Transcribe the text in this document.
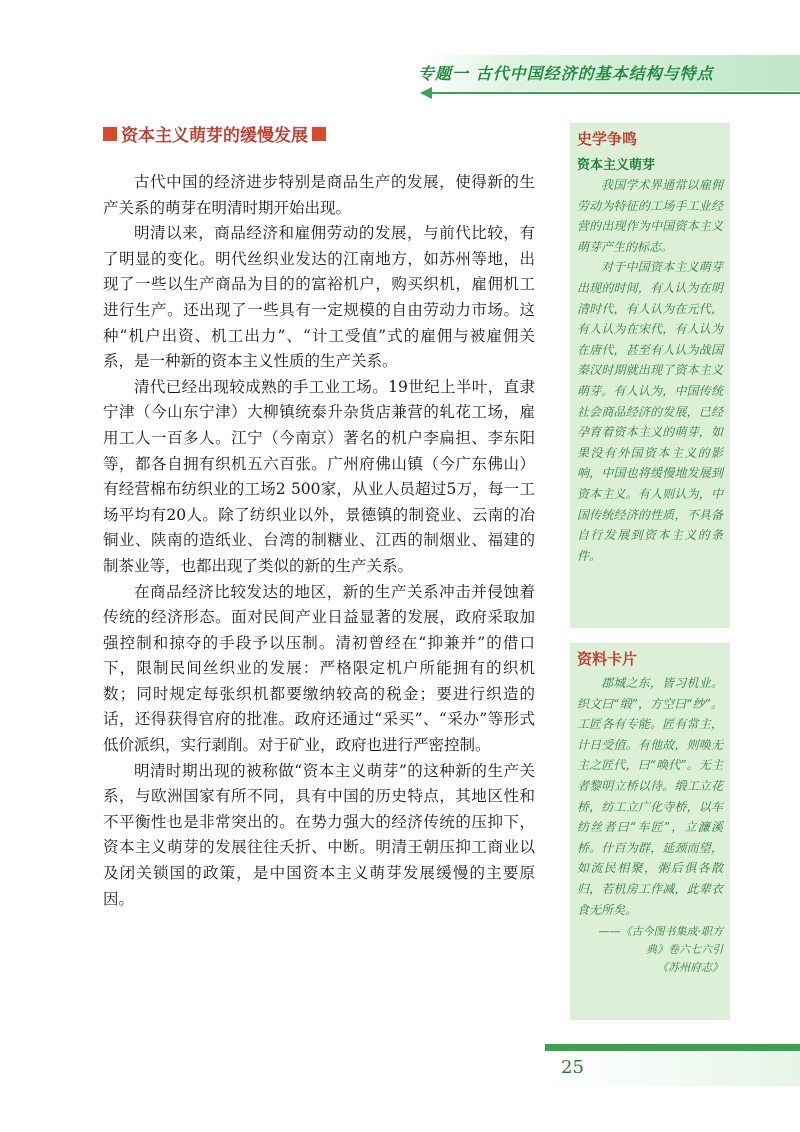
专题一 古代中国经济的基本结构与特点
资本主义萌芽的缓慢发展

古代中国的经济进步特别是商品生产的发展，使得新的生产关系的萌芽在明清时期开始出现。

明清以来，商品经济和雇佣劳动的发展，与前代比较，有了明显的变化。明代丝织业发达的江南地方，如苏州等地，出现了一些以生产商品为目的的富裕机户，购买织机，雇佣机工进行生产。还出现了一些具有一定规模的自由劳动力市场。这种“机户出资、机工出力”、“计工受值”式的雇佣与被雇佣关系，是一种新的资本主义性质的生产关系。

清代已经出现较成熟的手工业工场。19世纪上半叶，直隶宁津（今山东宁津）大柳镇统泰升杂货店兼营的轧花工场，雇用工人一百多人。江宁（今南京）著名的机户李扁担、李东阳等，都各自拥有织机五六百张。广州府佛山镇（今广东佛山）有经营棉布纺织业的工场2 500家，从业人员超过5万，每一工场平均有20人。除了纺织业以外，景德镇的制瓷业、云南的冶铜业、陕南的造纸业、台湾的制糖业、江西的制烟业、福建的制茶业等，也都出现了类似的新的生产关系。

在商品经济比较发达的地区，新的生产关系冲击并侵蚀着传统的经济形态。面对民间产业日益显著的发展，政府采取加强控制和掠夺的手段予以压制。清初曾经在“抑兼并”的借口下，限制民间丝织业的发展：严格限定机户所能拥有的织机数；同时规定每张织机都要缴纳较高的税金；要进行织造的话，还得获得官府的批准。政府还通过“采买”、“采办”等形式低价派织，实行剥削。对于矿业，政府也进行严密控制。

明清时期出现的被称做“资本主义萌芽”的这种新的生产关系，与欧洲国家有所不同，具有中国的历史特点，其地区性和不平衡性也是非常突出的。在势力强大的经济传统的压抑下，资本主义萌芽的发展往往夭折、中断。明清王朝压抑工商业以及闭关锁国的政策，是中国资本主义萌芽发展缓慢的主要原因。

史学争鸣
资本主义萌芽

我国学术界通常以雇佣劳动为特征的工场手工业经营的出现作为中国资本主义萌芽产生的标志。

对于中国资本主义萌芽出现的时间，有人认为在明清时代，有人认为在元代，有人认为在宋代，有人认为在唐代，甚至有人认为战国秦汉时期就出现了资本主义萌芽。有人认为，中国传统社会商品经济的发展，已经孕育着资本主义的萌芽，如果没有外国资本主义的影响，中国也将缓慢地发展到资本主义。有人则认为，中国传统经济的性质，不具备自行发展到资本主义的条件。

资料卡片

郡城之东，皆习机业。织文曰“缎”，方空曰“纱”。工匠各有专能。匠有常主，计日受值。有他故，则唤无主之匠代，曰“唤代”。无主者黎明立桥以待。缎工立花桥，纺工立广化寺桥，以车纺丝者曰“车匠”，立濂溪桥。什百为群，延颈而望，如流民相聚，粥后俱各散归，若机房工作减，此辈衣食无所矣。

——《古今图书集成·职方
典》卷六七六引
《苏州府志》
25
